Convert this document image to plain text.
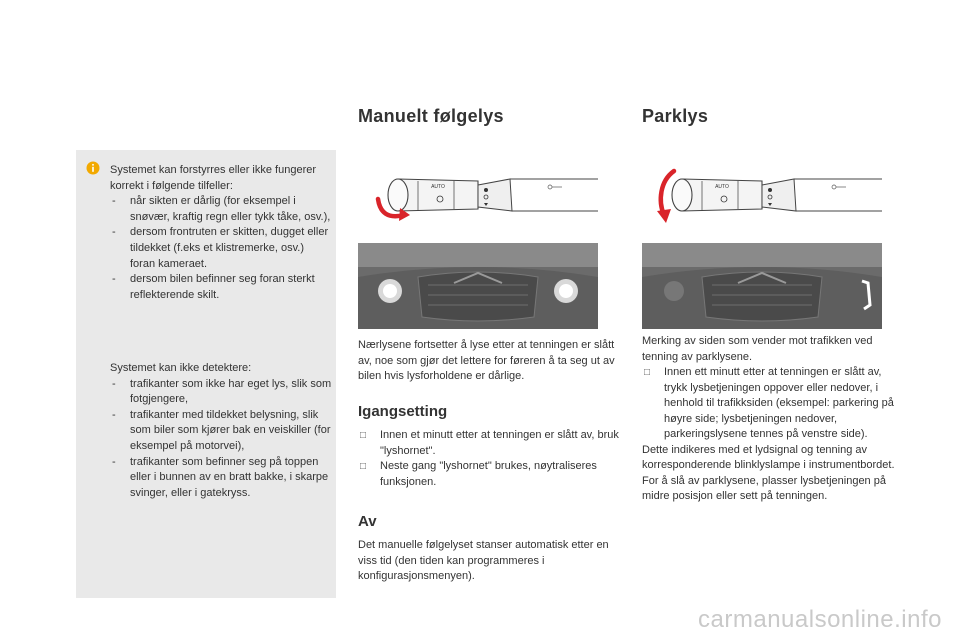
Systemet kan forstyrres eller ikke fungerer korrekt i følgende tilfeller:
- når sikten er dårlig (for eksempel i snøvær, kraftig regn eller tykk tåke, osv.),
- dersom frontruten er skitten, dugget eller tildekket (f.eks et klistremerke, osv.) foran kameraet.
- dersom bilen befinner seg foran sterkt reflekterende skilt.
Systemet kan ikke detektere:
- trafikanter som ikke har eget lys, slik som fotgjengere,
- trafikanter med tildekket belysning, slik som biler som kjører bak en veiskiller (for eksempel på motorvei),
- trafikanter som befinner seg på toppen eller i bunnen av en bratt bakke, i skarpe svinger, eller i gatekryss.
Manuelt følgelys
AUTO
Nærlysene fortsetter å lyse etter at tenningen er slått av, noe som gjør det lettere for føreren å ta seg ut av bilen hvis lysforholdene er dårlige.
Igangsetting
□ Innen et minutt etter at tenningen er slått av, bruk "lyshornet".
□ Neste gang "lyshornet" brukes, nøytraliseres funksjonen.
Av
Det manuelle følgelyset stanser automatisk etter en viss tid (den tiden kan programmeres i konfigurasjonsmenyen).
Parklys
AUTO
Merking av siden som vender mot trafikken ved tenning av parklysene.
□ Innen ett minutt etter at tenningen er slått av, trykk lysbetjeningen oppover eller nedover, i henhold til trafikksiden (eksempel: parkering på høyre side; lysbetjeningen nedover, parkeringslysene tennes på venstre side).
Dette indikeres med et lydsignal og tenning av korresponderende blinklyslampe i instrumentbordet.
For å slå av parklysene, plasser lysbetjeningen på midre posisjon eller sett på tenningen.
carmanualsonline.info
